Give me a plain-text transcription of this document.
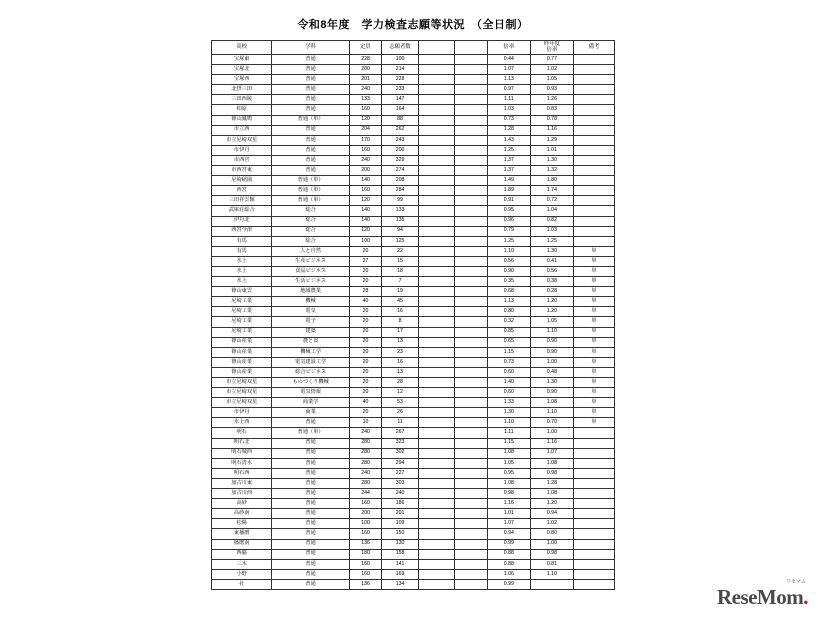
令和8年度　学力検査志願等状況　（全日制）
高校	学科	定員	志願者数			倍率	昨年度
倍率	備考
宝塚東	普通	228	100			0.44	0.77	
宝塚北	普通	200	214			1.07	1.02	
宝塚西	普通	201	228			1.13	1.05	
北摂三田	普通	240	233			0.97	0.93	
三田西陵	普通	133	147			1.11	1.26	
柏原	普通	160	164			1.03	0.83	
篠山鳳鳴	普通（単）	120	88			0.73	0.78	
市立西	普通	204	262			1.28	1.16	
市立尼崎双星	普通	170	243			1.43	1.29	
市伊丹	普通	160	200			1.25	1.01	
市西宮	普通	240	329			1.37	1.30	
市西宮東	普通	200	274			1.37	1.32	
尼崎稲園	普通（単）	140	208			1.49	1.80	
西宮	普通（単）	160	284			1.89	1.74	
三田祥雲館	普通（単）	120	99			0.91	0.72	
武庫荘総合	総合	140	133			0.95	1.04	
伊丹北	総合	140	135			0.96	0.82	
西宮今津	総合	120	94			0.79	1.03	
有馬	総合	100	125			1.25	1.25	
有馬	人と自然	20	22			1.10	1.30	単
氷上	生産ビジネス	27	15			0.56	0.41	単
氷上	食品ビジネス	20	18			0.90	0.56	単
氷上	生活ビジネス	20	7			0.35	0.38	単
篠山東雲	地域農業	28	19			0.68	0.28	単
尼崎工業	機械	40	45			1.13	1.20	単
尼崎工業	電気	20	16			0.80	1.20	単
尼崎工業	電子	20	8			0.32	1.05	単
尼崎工業	建築	20	17			0.85	1.10	単
篠山産業	農と食	20	13			0.65	0.90	単
篠山産業	機械工学	20	23			1.15	0.90	単
篠山産業	電気建設工学	20	16			0.73	1.00	単
篠山産業	総合ビジネス	20	13			0.60	0.48	単
市立尼崎双星	ものづくり機械	20	28			1.40	1.30	単
市立尼崎双星	電気情報	20	12			0.60	0.90	単
市立尼崎双星	商業学	40	53			1.33	1.08	単
市伊丹	商業	20	26			1.30	1.10	単
氷上西	普通	10	11			1.10	0.70	単
明石	普通（単）	240	267			1.11	1.00	
明石北	普通	280	323			1.15	1.16	
明石城西	普通	280	302			1.08	1.07	
明石清水	普通	280	294			1.05	1.08	
明石西	普通	240	227			0.95	0.98	
加古川東	普通	280	303			1.08	1.28	
加古川西	普通	244	240			0.98	1.08	
高砂	普通	160	186			1.16	1.20	
高砂南	普通	200	201			1.01	0.94	
松陽	普通	100	109			1.07	1.02	
東播磨	普通	160	150			0.94	0.80	
播磨南	普通	136	130			0.99	1.00	
西脇	普通	180	158			0.88	0.98	
三木	普通	160	141			0.88	0.81	
小野	普通	160	169			1.06	1.10	
社	普通	136	134			0.99		
ReseMom.
リセマム
